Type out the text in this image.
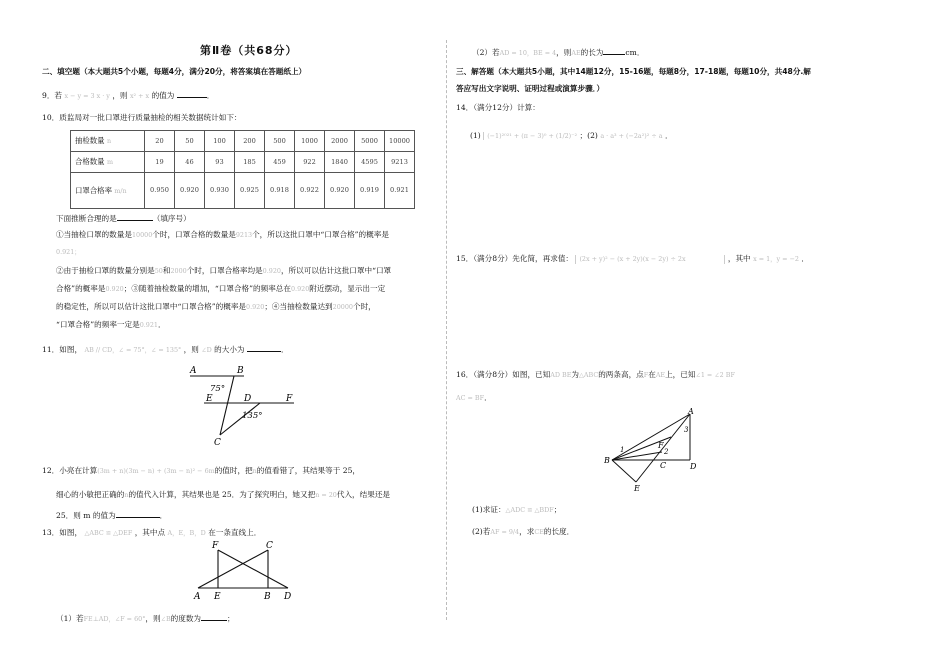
第Ⅱ卷（共68分）
二、填空题（本大题共5个小题，每题4分，满分20分，将答案填在答题纸上）
9．若 x − y = 3 x · y ，则 x² + x 的值为	．
10．质监局对一批口罩进行质量抽检的相关数据统计如下：
抽检数量 n	20	50	100	200	500	1000	2000	5000	10000
合格数量 m	19	46	93	185	459	922	1840	4595	9213
口罩合格率 m/n	0.950	0.920	0.930	0.925	0.918	0.922	0.920	0.919	0.921
下面推断合理的是	（填序号）
①当抽检口罩的数量是10000个时，口罩合格的数量是9213个，所以这批口罩中“口罩合格”的概率是
0.921；
②由于抽检口罩的数量分别是50和2000个时，口罩合格率均是0.920，所以可以估计这批口罩中“口罩
合格”的概率是0.920；③随着抽检数量的增加，“口罩合格”的频率总在0.920附近摆动，显示出一定
的稳定性，所以可以估计这批口罩中“口罩合格”的概率是0.920；④当抽检数量达到20000个时，
“口罩合格”的频率一定是0.921．
11．如图， AB // CD，∠ = 75°，∠ = 135° ，则 ∠D 的大小为	．
A	B
75°
E	D	F
135°
C
12．小亮在计算(3m + n)(3m − n) + (3m − n)² − 6m的值时，把n的值看错了，其结果等于 25，
细心的小敏把正确的n的值代入计算，其结果也是 25．为了探究明白，她又把n = 20代入，结果还是
25．则 m 的值为	．
13．如图， △ABC ≌ △DEF ，其中点 A，E，B，D 在一条直线上．
F	C
A E	B D
（1）若FE⊥AD，∠F = 60°，则∠B的度数为	；
（2）若AD = 10，BE = 4，则AE的长为	cm．
三、解答题（本大题共5小题，其中14题12分，15-16题，每题8分，17-18题，每题10分，共48分.解
答应写出文字说明、证明过程或演算步骤．）
14．（满分12分）计算：
(1) (−1)²⁰²¹ + (π − 3)⁰ + (1/2)⁻² ；(2) a · a³ + (−2a²)² ÷ a ．
15．（满分8分）先化简，再求值： (2x + y)² − (x + 2y)(x − 2y) ÷ 2x	，其中 x = 1，y = −2 ．
16．（满分8分）如图，已知AD BE为△ABC的两条高，点F在AE上，已知∠1 = ∠2 BF
AC = BF．
A
F
1	2
3
B
C	D
E
(1)求证：△ADC ≌ △BDF；
(2)若AF = 9/4，求CE的长度．
